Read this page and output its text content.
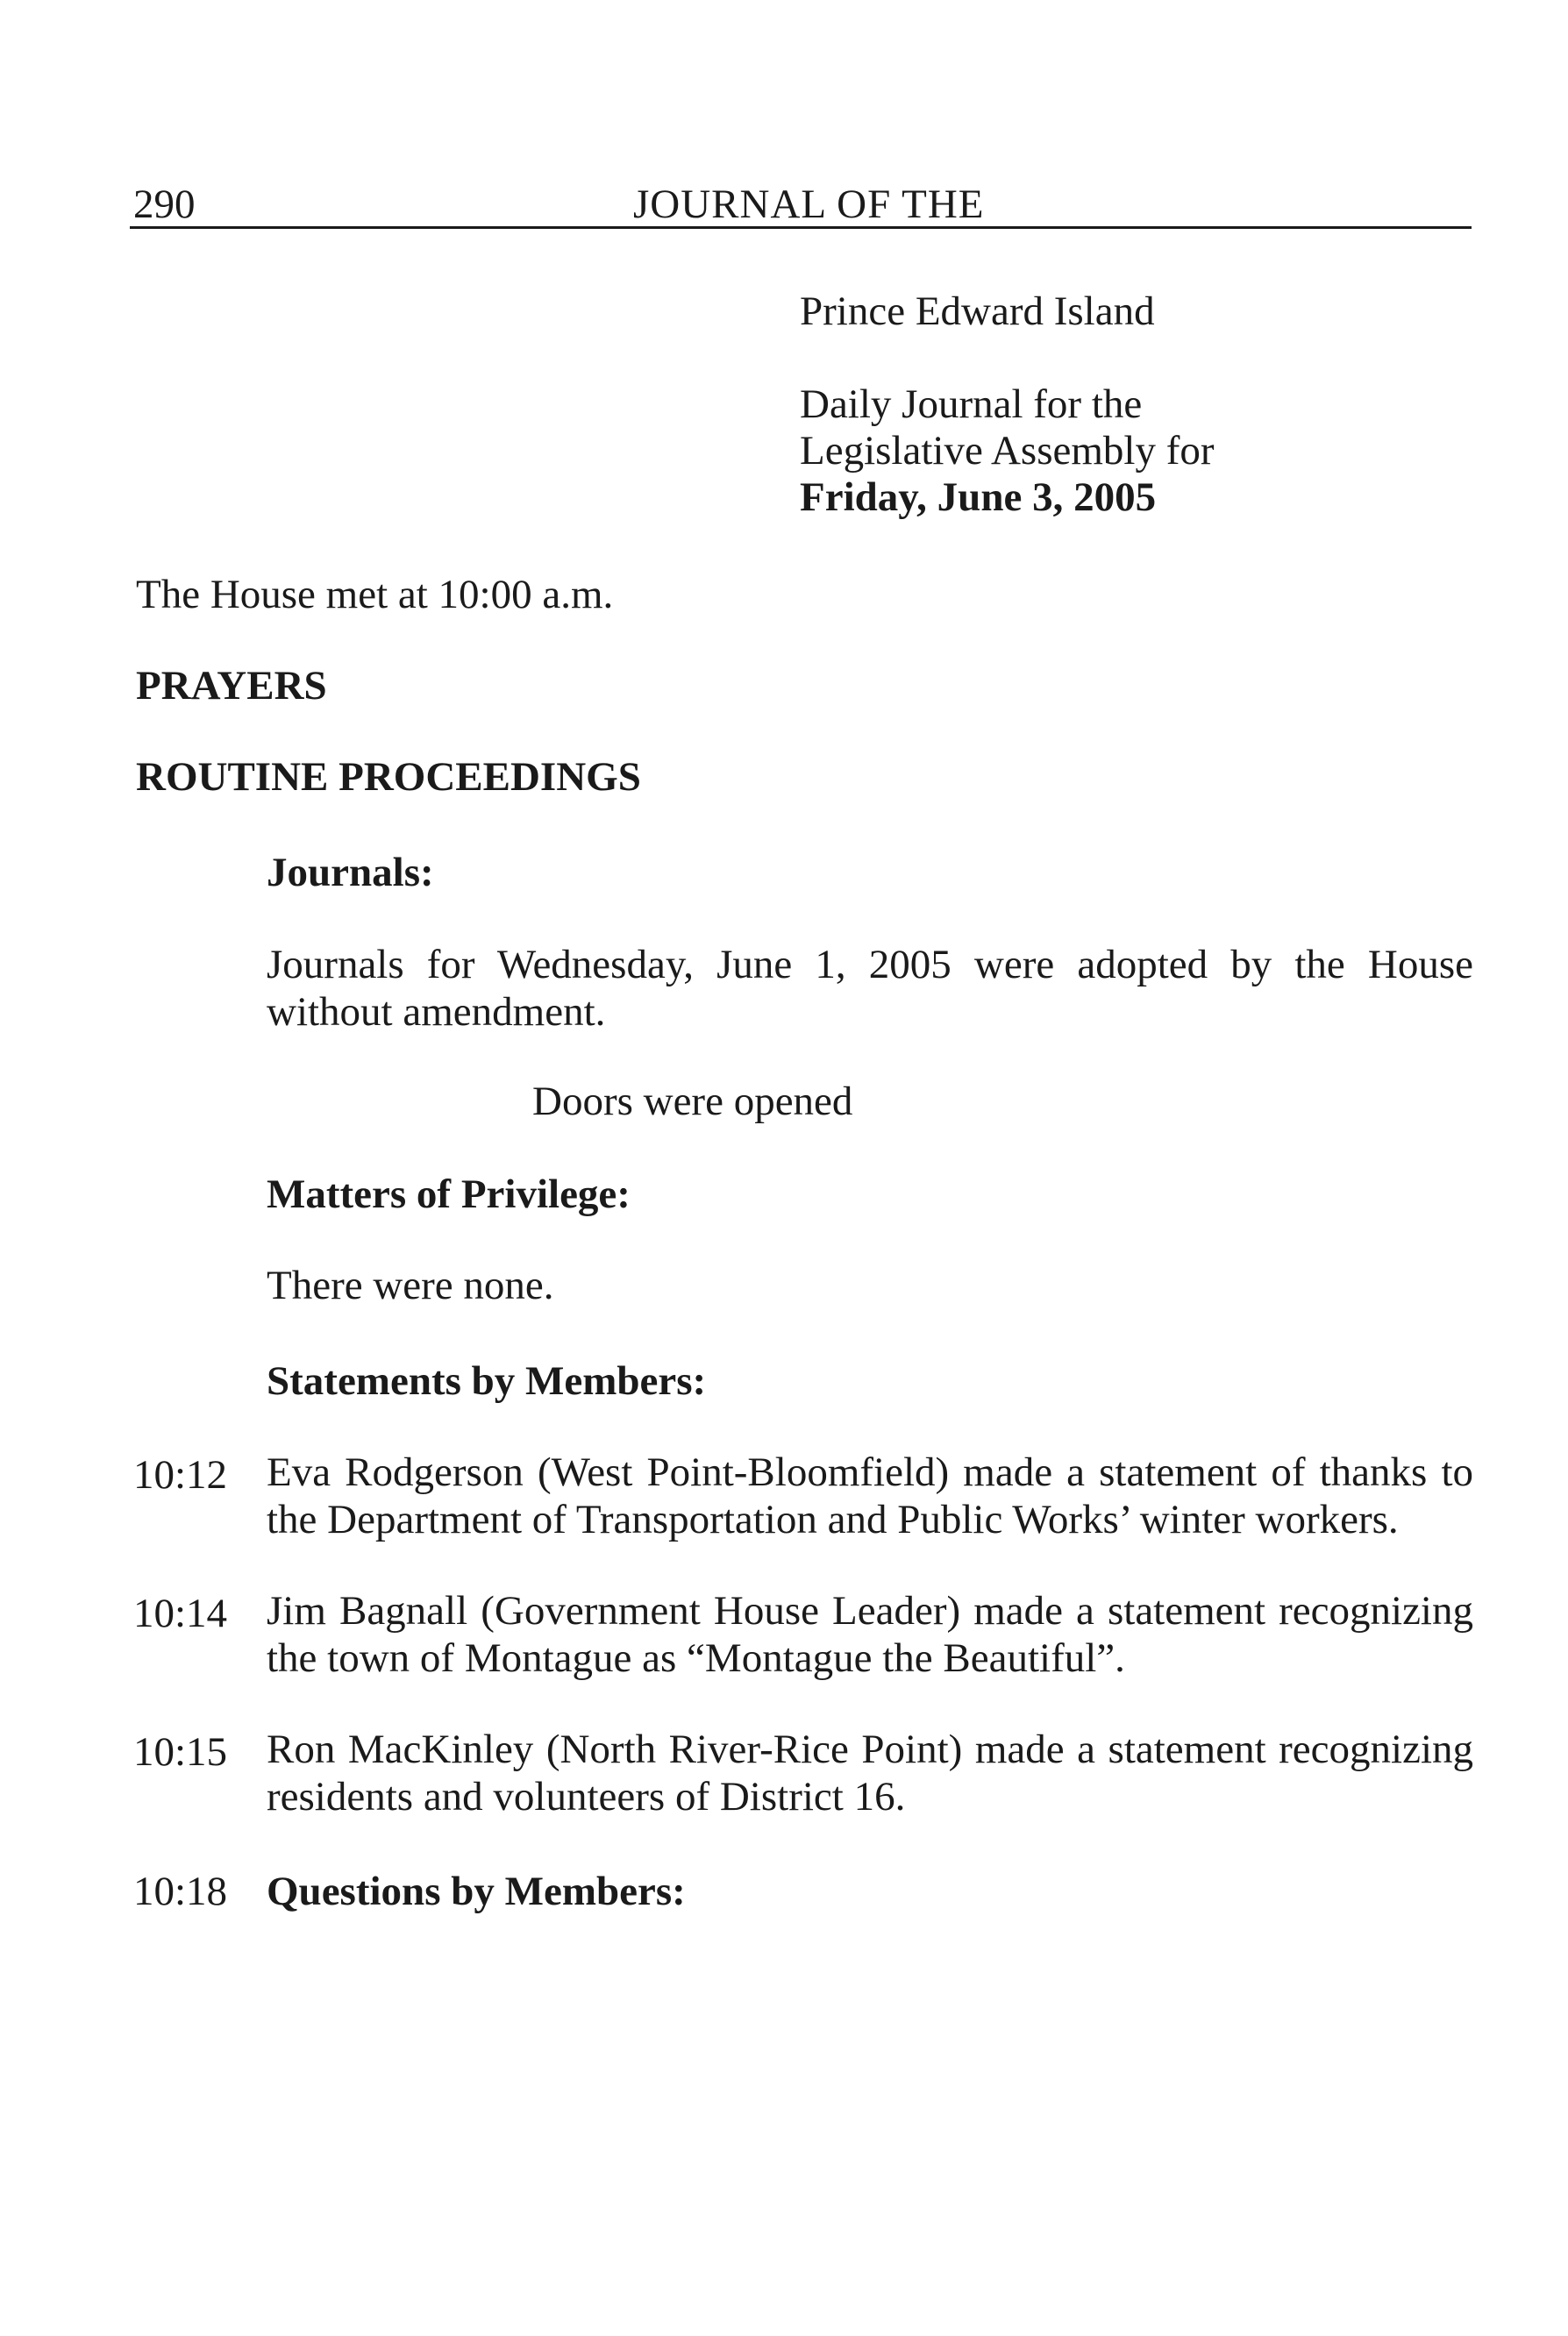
290	JOURNAL OF THE
Prince Edward Island
Daily Journal for the
Legislative Assembly for
Friday, June 3, 2005
The House met at 10:00 a.m.
PRAYERS
ROUTINE PROCEEDINGS
Journals:
Journals for Wednesday, June 1, 2005 were adopted by the House without amendment.
Doors were opened
Matters of Privilege:
There were none.
Statements by Members:
10:12 Eva Rodgerson (West Point-Bloomfield) made a statement of thanks to the Department of Transportation and Public Works’ winter workers.
10:14 Jim Bagnall (Government House Leader) made a statement recognizing the town of Montague as “Montague the Beautiful”.
10:15 Ron MacKinley (North River-Rice Point) made a statement recognizing residents and volunteers of District 16.
10:18 Questions by Members:
